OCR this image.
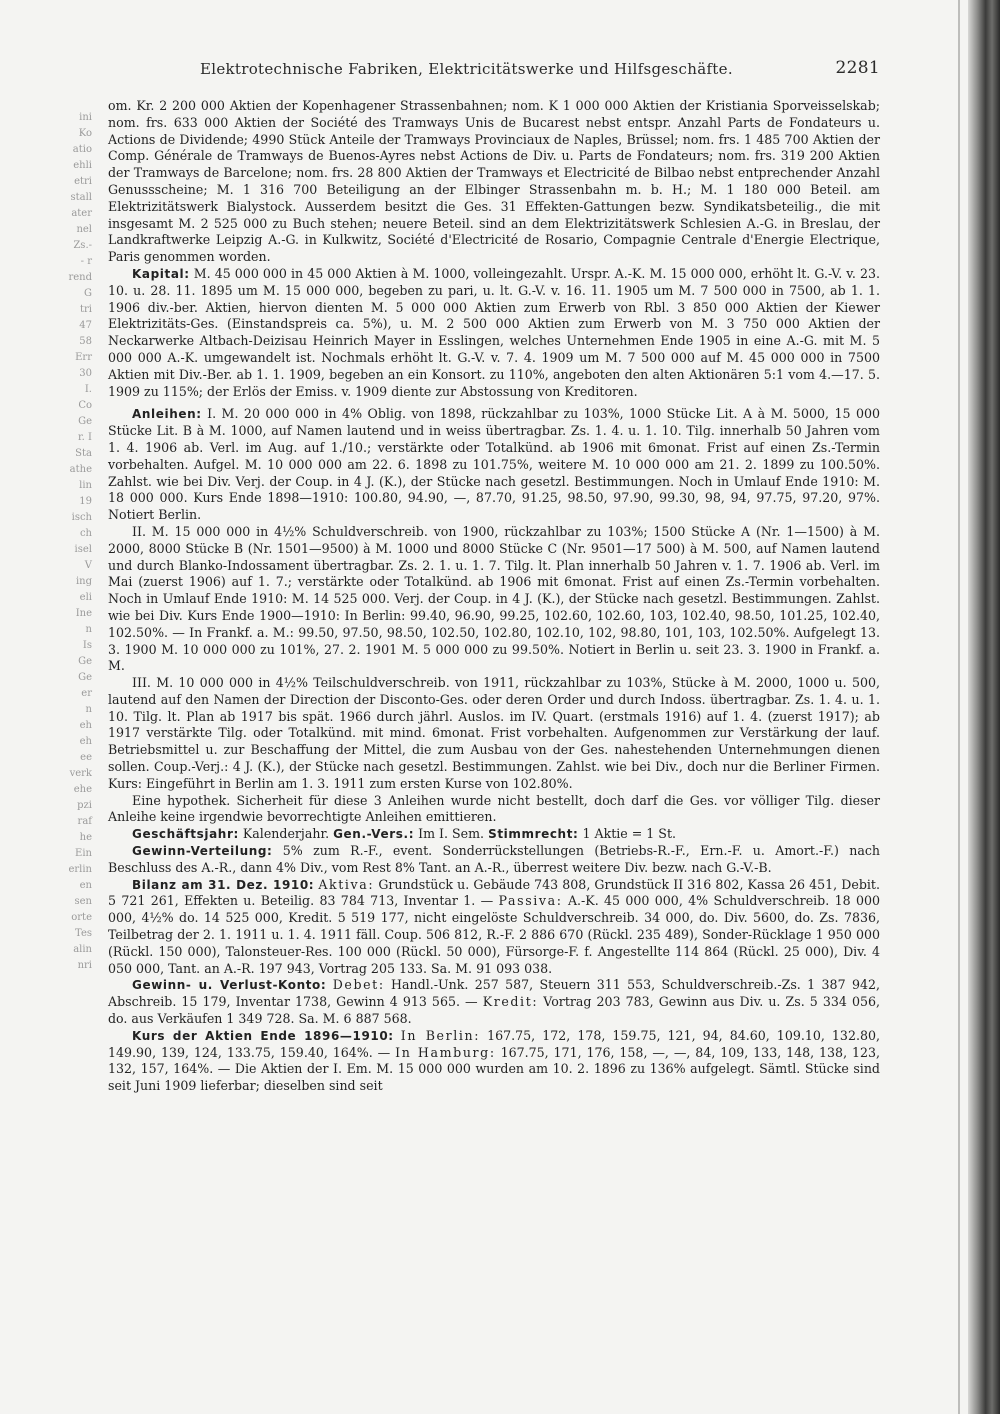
ini
Ko
atio
ehli
etri
stall
ater
nel
Zs.-
- r
rend
G
tri
47
58
Err
30
I.
Co
Ge
r. I
Sta
athe
lin
19
isch
ch
isel
V
ing
eli
Ine
n
Is
Ge
Ge
er
n
eh
eh
ee
verk
ehe
pzi
raf
he
Ein
erlin
en
sen
orte
Tes
alin
nri
Elektrotechnische Fabriken, Elektricitätswerke und Hilfsgeschäfte.	2281

om. Kr. 2 200 000 Aktien der Kopenhagener Strassenbahnen; nom. K 1 000 000 Aktien der Kristiania Sporveisselskab; nom. frs. 633 000 Aktien der Société des Tramways Unis de Bucarest nebst entspr. Anzahl Parts de Fondateurs u. Actions de Dividende; 4990 Stück Anteile der Tramways Provinciaux de Naples, Brüssel; nom. frs. 1 485 700 Aktien der Comp. Générale de Tramways de Buenos-Ayres nebst Actions de Div. u. Parts de Fondateurs; nom. frs. 319 200 Aktien der Tramways de Barcelone; nom. frs. 28 800 Aktien der Tramways et Electricité de Bilbao nebst entprechender Anzahl Genussscheine; M. 1 316 700 Beteiligung an der Elbinger Strassenbahn m. b. H.; M. 1 180 000 Beteil. am Elektrizitätswerk Bialystock. Ausserdem besitzt die Ges. 31 Effekten-Gattungen bezw. Syndikatsbeteilig., die mit insgesamt M. 2 525 000 zu Buch stehen; neuere Beteil. sind an dem Elektrizitätswerk Schlesien A.-G. in Breslau, der Landkraftwerke Leipzig A.-G. in Kulkwitz, Société d'Electricité de Rosario, Compagnie Centrale d'Energie Electrique, Paris genommen worden.

Kapital: M. 45 000 000 in 45 000 Aktien à M. 1000, volleingezahlt. Urspr. A.-K. M. 15 000 000, erhöht lt. G.-V. v. 23. 10. u. 28. 11. 1895 um M. 15 000 000, begeben zu pari, u. lt. G.-V. v. 16. 11. 1905 um M. 7 500 000 in 7500, ab 1. 1. 1906 div.-ber. Aktien, hiervon dienten M. 5 000 000 Aktien zum Erwerb von Rbl. 3 850 000 Aktien der Kiewer Elektrizitäts-Ges. (Einstandspreis ca. 5%), u. M. 2 500 000 Aktien zum Erwerb von M. 3 750 000 Aktien der Neckarwerke Altbach-Deizisau Heinrich Mayer in Esslingen, welches Unternehmen Ende 1905 in eine A.-G. mit M. 5 000 000 A.-K. umgewandelt ist. Nochmals erhöht lt. G.-V. v. 7. 4. 1909 um M. 7 500 000 auf M. 45 000 000 in 7500 Aktien mit Div.-Ber. ab 1. 1. 1909, begeben an ein Konsort. zu 110%, angeboten den alten Aktionären 5:1 vom 4.—17. 5. 1909 zu 115%; der Erlös der Emiss. v. 1909 diente zur Abstossung von Kreditoren.

Anleihen: I. M. 20 000 000 in 4% Oblig. von 1898, rückzahlbar zu 103%, 1000 Stücke Lit. A à M. 5000, 15 000 Stücke Lit. B à M. 1000, auf Namen lautend und in weiss übertragbar. Zs. 1. 4. u. 1. 10. Tilg. innerhalb 50 Jahren vom 1. 4. 1906 ab. Verl. im Aug. auf 1./10.; verstärkte oder Totalkünd. ab 1906 mit 6monat. Frist auf einen Zs.-Termin vorbehalten. Aufgel. M. 10 000 000 am 22. 6. 1898 zu 101.75%, weitere M. 10 000 000 am 21. 2. 1899 zu 100.50%. Zahlst. wie bei Div. Verj. der Coup. in 4 J. (K.), der Stücke nach gesetzl. Bestimmungen. Noch in Umlauf Ende 1910: M. 18 000 000. Kurs Ende 1898—1910: 100.80, 94.90, —, 87.70, 91.25, 98.50, 97.90, 99.30, 98, 94, 97.75, 97.20, 97%. Notiert Berlin.

II. M. 15 000 000 in 4½% Schuldverschreib. von 1900, rückzahlbar zu 103%; 1500 Stücke A (Nr. 1—1500) à M. 2000, 8000 Stücke B (Nr. 1501—9500) à M. 1000 und 8000 Stücke C (Nr. 9501—17 500) à M. 500, auf Namen lautend und durch Blanko-Indossament übertragbar. Zs. 2. 1. u. 1. 7. Tilg. lt. Plan innerhalb 50 Jahren v. 1. 7. 1906 ab. Verl. im Mai (zuerst 1906) auf 1. 7.; verstärkte oder Totalkünd. ab 1906 mit 6monat. Frist auf einen Zs.-Termin vorbehalten. Noch in Umlauf Ende 1910: M. 14 525 000. Verj. der Coup. in 4 J. (K.), der Stücke nach gesetzl. Bestimmungen. Zahlst. wie bei Div. Kurs Ende 1900—1910: In Berlin: 99.40, 96.90, 99.25, 102.60, 102.60, 103, 102.40, 98.50, 101.25, 102.40, 102.50%. — In Frankf. a. M.: 99.50, 97.50, 98.50, 102.50, 102.80, 102.10, 102, 98.80, 101, 103, 102.50%. Aufgelegt 13. 3. 1900 M. 10 000 000 zu 101%, 27. 2. 1901 M. 5 000 000 zu 99.50%. Notiert in Berlin u. seit 23. 3. 1900 in Frankf. a. M.

III. M. 10 000 000 in 4½% Teilschuldverschreib. von 1911, rückzahlbar zu 103%, Stücke à M. 2000, 1000 u. 500, lautend auf den Namen der Direction der Disconto-Ges. oder deren Order und durch Indoss. übertragbar. Zs. 1. 4. u. 1. 10. Tilg. lt. Plan ab 1917 bis spät. 1966 durch jährl. Auslos. im IV. Quart. (erstmals 1916) auf 1. 4. (zuerst 1917); ab 1917 verstärkte Tilg. oder Totalkünd. mit mind. 6monat. Frist vorbehalten. Aufgenommen zur Verstärkung der lauf. Betriebsmittel u. zur Beschaffung der Mittel, die zum Ausbau von der Ges. nahestehenden Unternehmungen dienen sollen. Coup.-Verj.: 4 J. (K.), der Stücke nach gesetzl. Bestimmungen. Zahlst. wie bei Div., doch nur die Berliner Firmen. Kurs: Eingeführt in Berlin am 1. 3. 1911 zum ersten Kurse von 102.80%.

Eine hypothek. Sicherheit für diese 3 Anleihen wurde nicht bestellt, doch darf die Ges. vor völliger Tilg. dieser Anleihe keine irgendwie bevorrechtigte Anleihen emittieren.

Geschäftsjahr: Kalenderjahr. Gen.-Vers.: Im I. Sem. Stimmrecht: 1 Aktie = 1 St.

Gewinn-Verteilung: 5% zum R.-F., event. Sonderrückstellungen (Betriebs-R.-F., Ern.-F. u. Amort.-F.) nach Beschluss des A.-R., dann 4% Div., vom Rest 8% Tant. an A.-R., überrest weitere Div. bezw. nach G.-V.-B.

Bilanz am 31. Dez. 1910: Aktiva: Grundstück u. Gebäude 743 808, Grundstück II 316 802, Kassa 26 451, Debit. 5 721 261, Effekten u. Beteilig. 83 784 713, Inventar 1. — Passiva: A.-K. 45 000 000, 4% Schuldverschreib. 18 000 000, 4½% do. 14 525 000, Kredit. 5 519 177, nicht eingelöste Schuldverschreib. 34 000, do. Div. 5600, do. Zs. 7836, Teilbetrag der 2. 1. 1911 u. 1. 4. 1911 fäll. Coup. 506 812, R.-F. 2 886 670 (Rückl. 235 489), Sonder-Rücklage 1 950 000 (Rückl. 150 000), Talonsteuer-Res. 100 000 (Rückl. 50 000), Fürsorge-F. f. Angestellte 114 864 (Rückl. 25 000), Div. 4 050 000, Tant. an A.-R. 197 943, Vortrag 205 133. Sa. M. 91 093 038.

Gewinn- u. Verlust-Konto: Debet: Handl.-Unk. 257 587, Steuern 311 553, Schuldverschreib.-Zs. 1 387 942, Abschreib. 15 179, Inventar 1738, Gewinn 4 913 565. — Kredit: Vortrag 203 783, Gewinn aus Div. u. Zs. 5 334 056, do. aus Verkäufen 1 349 728. Sa. M. 6 887 568.

Kurs der Aktien Ende 1896—1910: In Berlin: 167.75, 172, 178, 159.75, 121, 94, 84.60, 109.10, 132.80, 149.90, 139, 124, 133.75, 159.40, 164%. — In Hamburg: 167.75, 171, 176, 158, —, —, 84, 109, 133, 148, 138, 123, 132, 157, 164%. — Die Aktien der I. Em. M. 15 000 000 wurden am 10. 2. 1896 zu 136% aufgelegt. Sämtl. Stücke sind seit Juni 1909 lieferbar; dieselben sind seit
